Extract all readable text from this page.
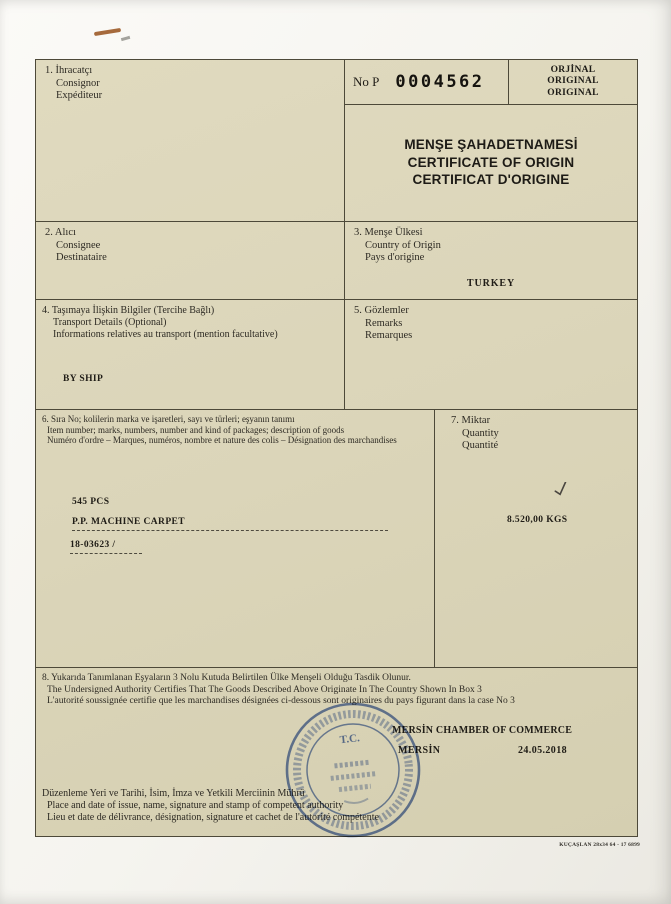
1. İhracatçı
Consignor
Expéditeur
2. Alıcı
Consignee
Destinataire
No P 0004562
ORJİNAL
ORIGINAL
ORIGINAL
MENŞE ŞAHADETNAMESİ
CERTIFICATE OF ORIGIN
CERTIFICAT D'ORIGINE
3. Menşe Ülkesi
Country of Origin
Pays d'origine
TURKEY
4. Taşımaya İlişkin Bilgiler (Tercihe Bağlı)
Transport Details (Optional)
Informations relatives au transport (mention facultative)
BY SHIP
5. Gözlemler
Remarks
Remarques
6. Sıra No; kolilerin marka ve işaretleri, sayı ve türleri; eşyanın tanımı
Item number; marks, numbers, number and kind of packages; description of goods
Numéro d'ordre – Marques, numéros, nombre et nature des colis – Désignation des marchandises
545 PCS
P.P. MACHINE CARPET
18-03623 /
7. Miktar
Quantity
Quantité
8.520,00 KGS
8. Yukarıda Tanımlanan Eşyaların 3 Nolu Kutuda Belirtilen Ülke Menşeli Olduğu Tasdik Olunur.
The Undersigned Authority Certifies That The Goods Described Above Originate In The Country Shown In Box 3
L'autorité soussignée certifie que les marchandises désignées ci-dessous sont originaires du pays figurant dans la case No 3
MERSİN CHAMBER OF COMMERCE
MERSİN	24.05.2018
Düzenleme Yeri ve Tarihi, İsim, İmza ve Yetkili Merciinin Mührü
Place and date of issue, name, signature and stamp of competent authority
Lieu et date de délivrance, désignation, signature et cachet de l'autorité compétente
T.C.
KUÇAŞLAN 28x34 64 - 17 6899
